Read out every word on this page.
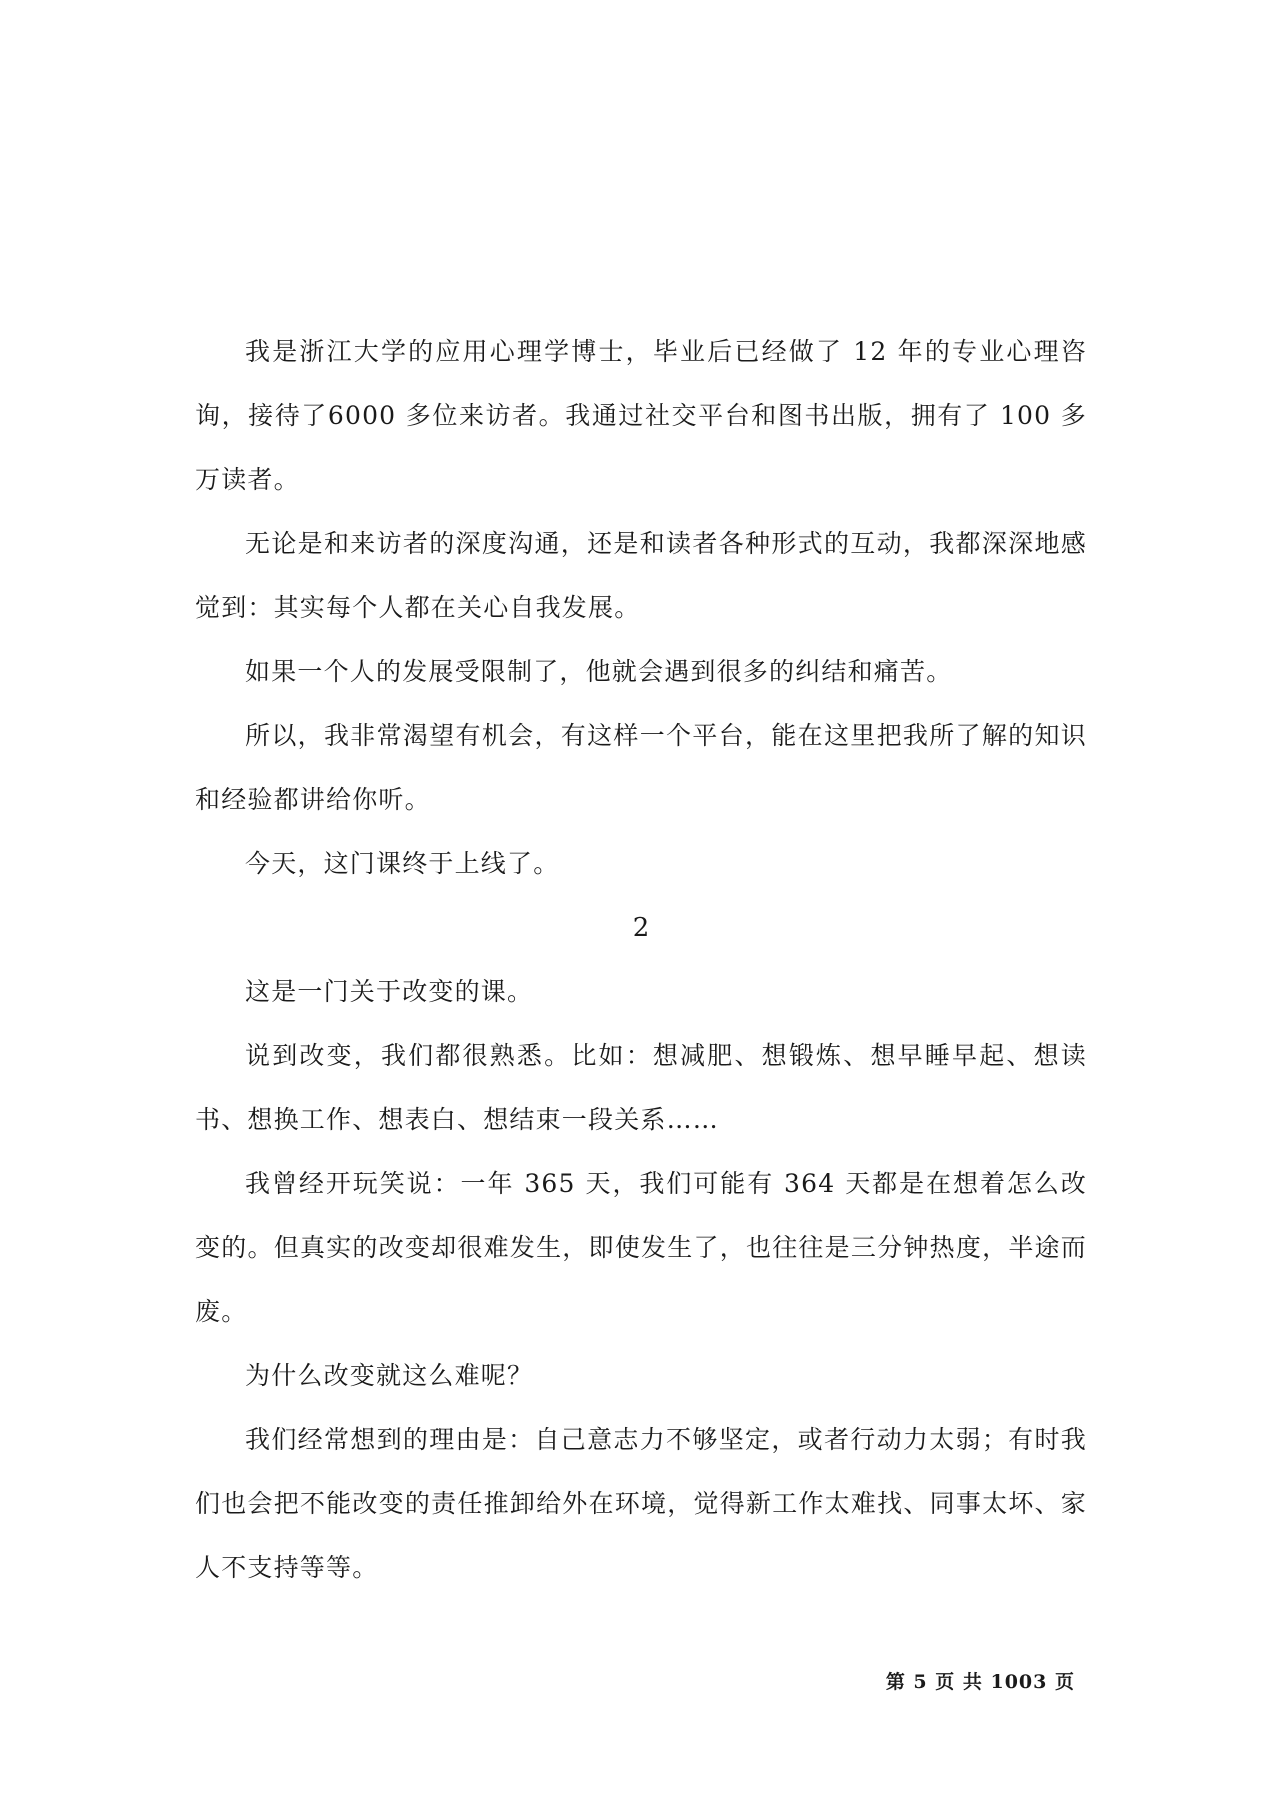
我是浙江大学的应用心理学博士，毕业后已经做了 12 年的专业心理咨询，接待了6000 多位来访者。我通过社交平台和图书出版，拥有了 100 多万读者。

无论是和来访者的深度沟通，还是和读者各种形式的互动，我都深深地感觉到：其实每个人都在关心自我发展。

如果一个人的发展受限制了，他就会遇到很多的纠结和痛苦。

所以，我非常渴望有机会，有这样一个平台，能在这里把我所了解的知识和经验都讲给你听。

今天，这门课终于上线了。

2

这是一门关于改变的课。

说到改变，我们都很熟悉。比如：想减肥、想锻炼、想早睡早起、想读书、想换工作、想表白、想结束一段关系……

我曾经开玩笑说：一年 365 天，我们可能有 364 天都是在想着怎么改变的。但真实的改变却很难发生，即使发生了，也往往是三分钟热度，半途而废。

为什么改变就这么难呢？

我们经常想到的理由是：自己意志力不够坚定，或者行动力太弱；有时我们也会把不能改变的责任推卸给外在环境，觉得新工作太难找、同事太坏、家人不支持等等。

第 5 页 共 1003 页
